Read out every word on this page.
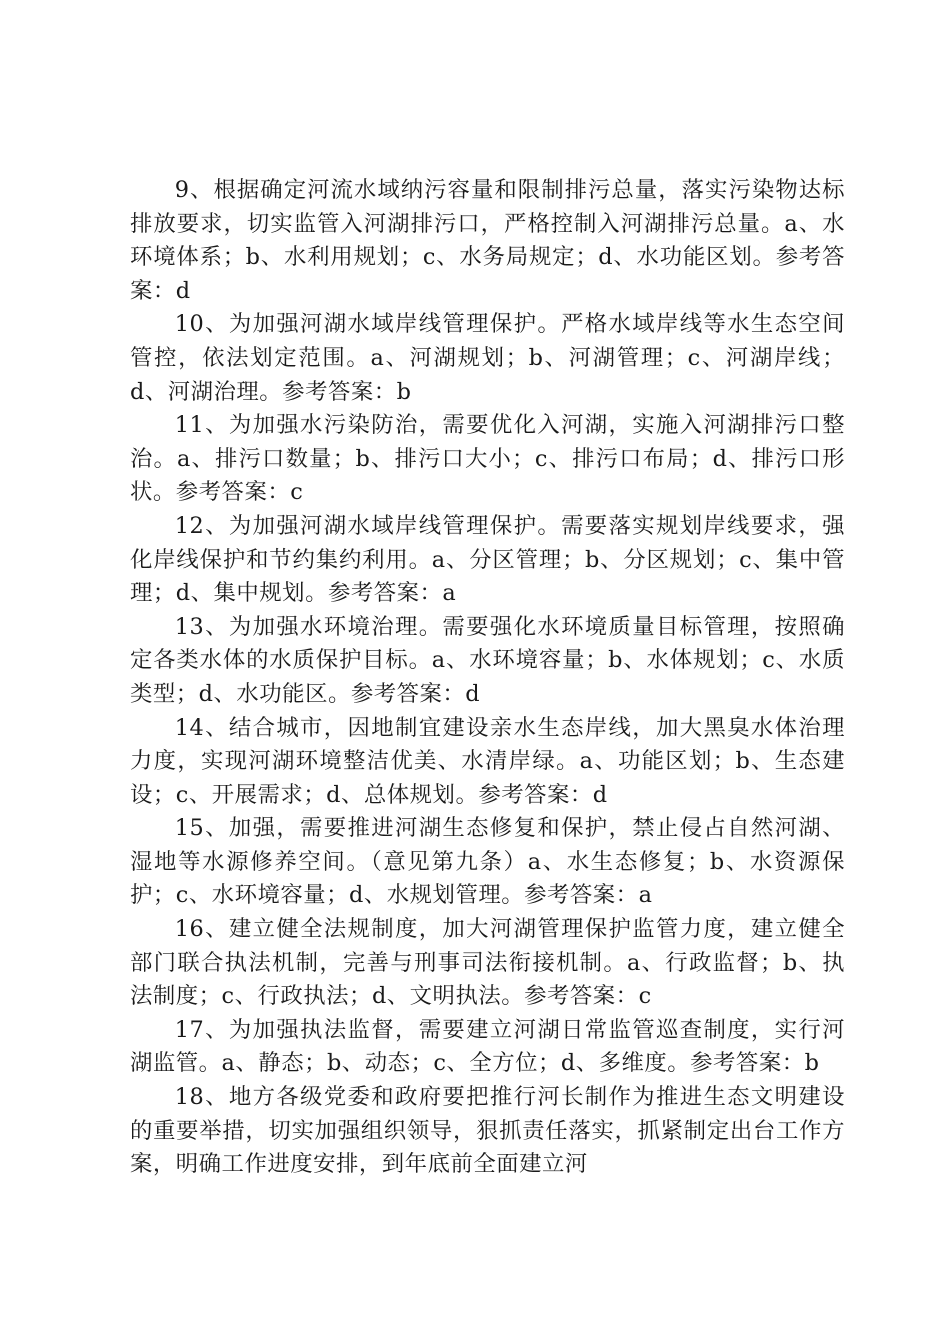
9、根据确定河流水域纳污容量和限制排污总量，落实污染物达标排放要求，切实监管入河湖排污口，严格控制入河湖排污总量。a、水环境体系；b、水利用规划；c、水务局规定；d、水功能区划。参考答案：d

10、为加强河湖水域岸线管理保护。严格水域岸线等水生态空间管控，依法划定范围。a、河湖规划；b、河湖管理；c、河湖岸线；d、河湖治理。参考答案：b

11、为加强水污染防治，需要优化入河湖，实施入河湖排污口整治。a、排污口数量；b、排污口大小；c、排污口布局；d、排污口形状。参考答案：c

12、为加强河湖水域岸线管理保护。需要落实规划岸线要求，强化岸线保护和节约集约利用。a、分区管理；b、分区规划；c、集中管理；d、集中规划。参考答案：a

13、为加强水环境治理。需要强化水环境质量目标管理，按照确定各类水体的水质保护目标。a、水环境容量；b、水体规划；c、水质类型；d、水功能区。参考答案：d

14、结合城市，因地制宜建设亲水生态岸线，加大黑臭水体治理力度，实现河湖环境整洁优美、水清岸绿。a、功能区划；b、生态建设；c、开展需求；d、总体规划。参考答案：d

15、加强，需要推进河湖生态修复和保护，禁止侵占自然河湖、湿地等水源修养空间。（意见第九条）a、水生态修复；b、水资源保护；c、水环境容量；d、水规划管理。参考答案：a

16、建立健全法规制度，加大河湖管理保护监管力度，建立健全部门联合执法机制，完善与刑事司法衔接机制。a、行政监督；b、执法制度；c、行政执法；d、文明执法。参考答案：c

17、为加强执法监督，需要建立河湖日常监管巡查制度，实行河湖监管。a、静态；b、动态；c、全方位；d、多维度。参考答案：b

18、地方各级党委和政府要把推行河长制作为推进生态文明建设的重要举措，切实加强组织领导，狠抓责任落实，抓紧制定出台工作方案，明确工作进度安排，到年底前全面建立河
